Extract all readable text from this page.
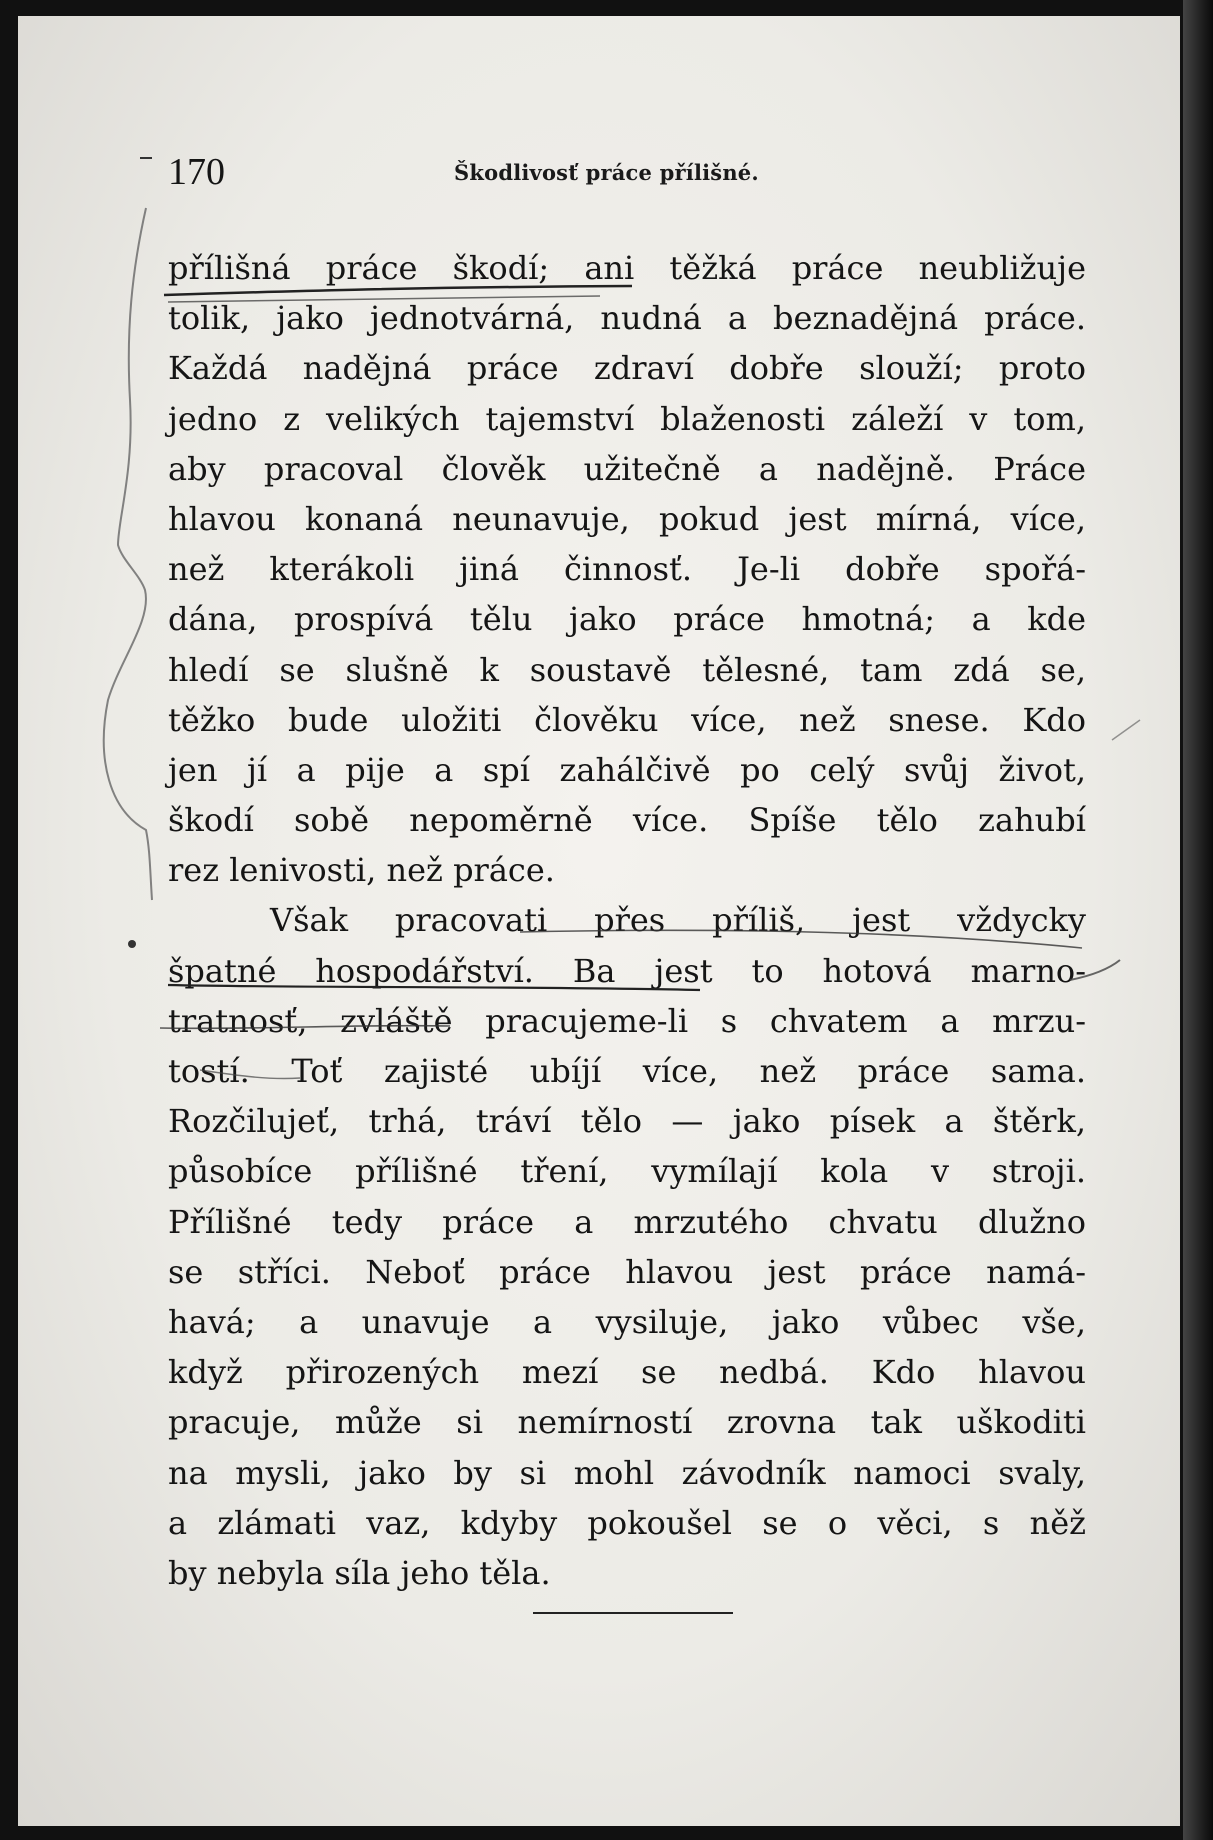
170	Škodlivosť práce přílišné.
přílišná práce škodí; ani těžká práce neubližuje
tolik, jako jednotvárná, nudná a beznadějná práce.
Každá nadějná práce zdraví dobře slouží; proto
jedno z velikých tajemství blaženosti záleží v tom,
aby pracoval člověk užitečně a nadějně. Práce
hlavou konaná neunavuje, pokud jest mírná, více,
než kterákoli jiná činnosť. Je-li dobře spořá-
dána, prospívá tělu jako práce hmotná; a kde
hledí se slušně k soustavě tělesné, tam zdá se,
těžko bude uložiti člověku více, než snese. Kdo
jen jí a pije a spí zahálčivě po celý svůj život,
škodí sobě nepoměrně více. Spíše tělo zahubí
rez lenivosti, než práce.
Však pracovati přes příliš, jest vždycky
špatné hospodářství. Ba jest to hotová marno-
tratnosť, zvláště pracujeme-li s chvatem a mrzu-
tostí. Toť zajisté ubíjí více, než práce sama.
Rozčilujeť, trhá, tráví tělo — jako písek a štěrk,
působíce přílišné tření, vymílají kola v stroji.
Přílišné tedy práce a mrzutého chvatu dlužno
se stříci. Neboť práce hlavou jest práce namá-
havá; a unavuje a vysiluje, jako vůbec vše,
když přirozených mezí se nedbá. Kdo hlavou
pracuje, může si nemírností zrovna tak uškoditi
na mysli, jako by si mohl závodník namoci svaly,
a zlámati vaz, kdyby pokoušel se o věci, s něž
by nebyla síla jeho těla.
